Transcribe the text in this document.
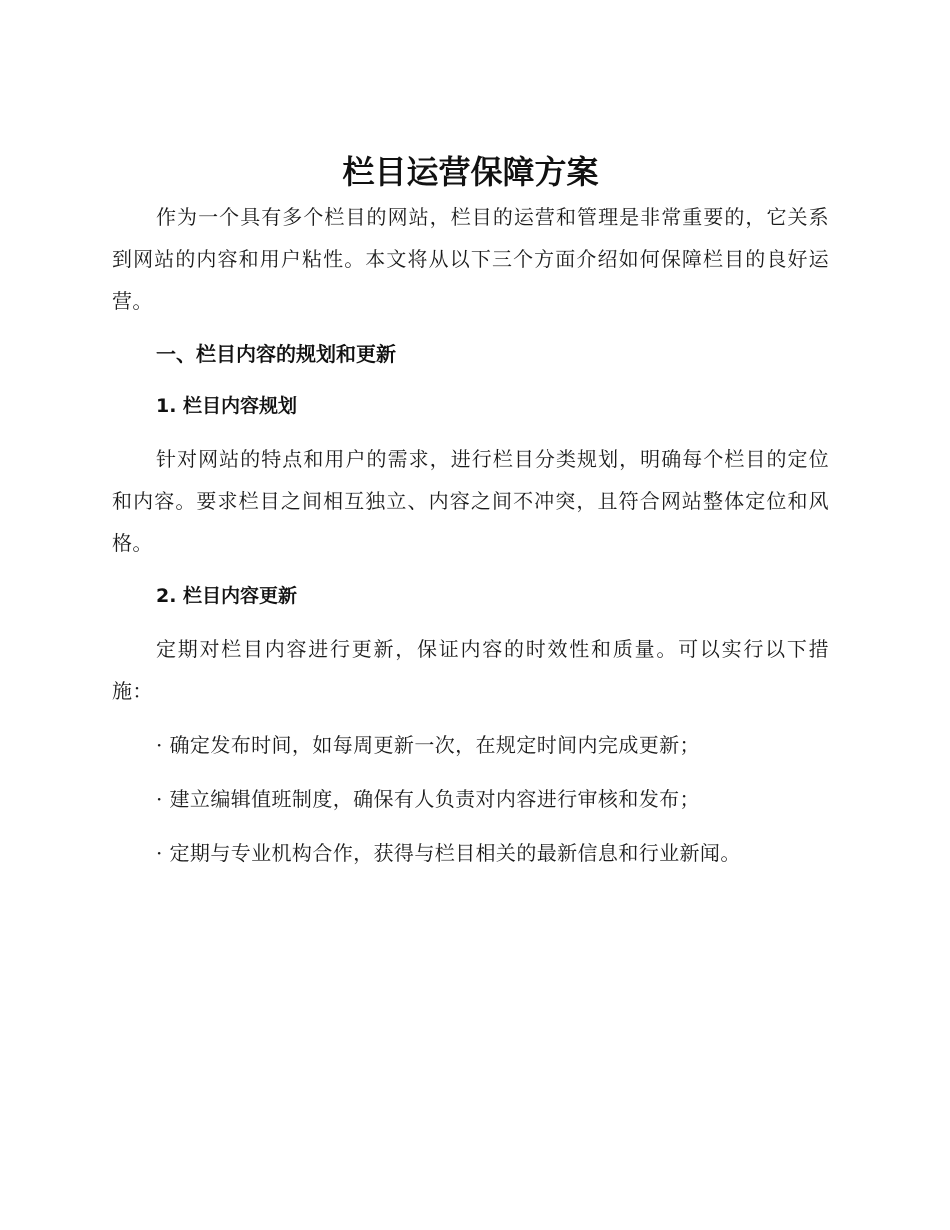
栏目运营保障方案

作为一个具有多个栏目的网站，栏目的运营和管理是非常重要的，它关系到网站的内容和用户粘性。本文将从以下三个方面介绍如何保障栏目的良好运营。

一、栏目内容的规划和更新
1. 栏目内容规划

针对网站的特点和用户的需求，进行栏目分类规划，明确每个栏目的定位和内容。要求栏目之间相互独立、内容之间不冲突，且符合网站整体定位和风格。

2. 栏目内容更新

定期对栏目内容进行更新，保证内容的时效性和质量。可以实行以下措施：

· 确定发布时间，如每周更新一次，在规定时间内完成更新；

· 建立编辑值班制度，确保有人负责对内容进行审核和发布；

· 定期与专业机构合作，获得与栏目相关的最新信息和行业新闻。
